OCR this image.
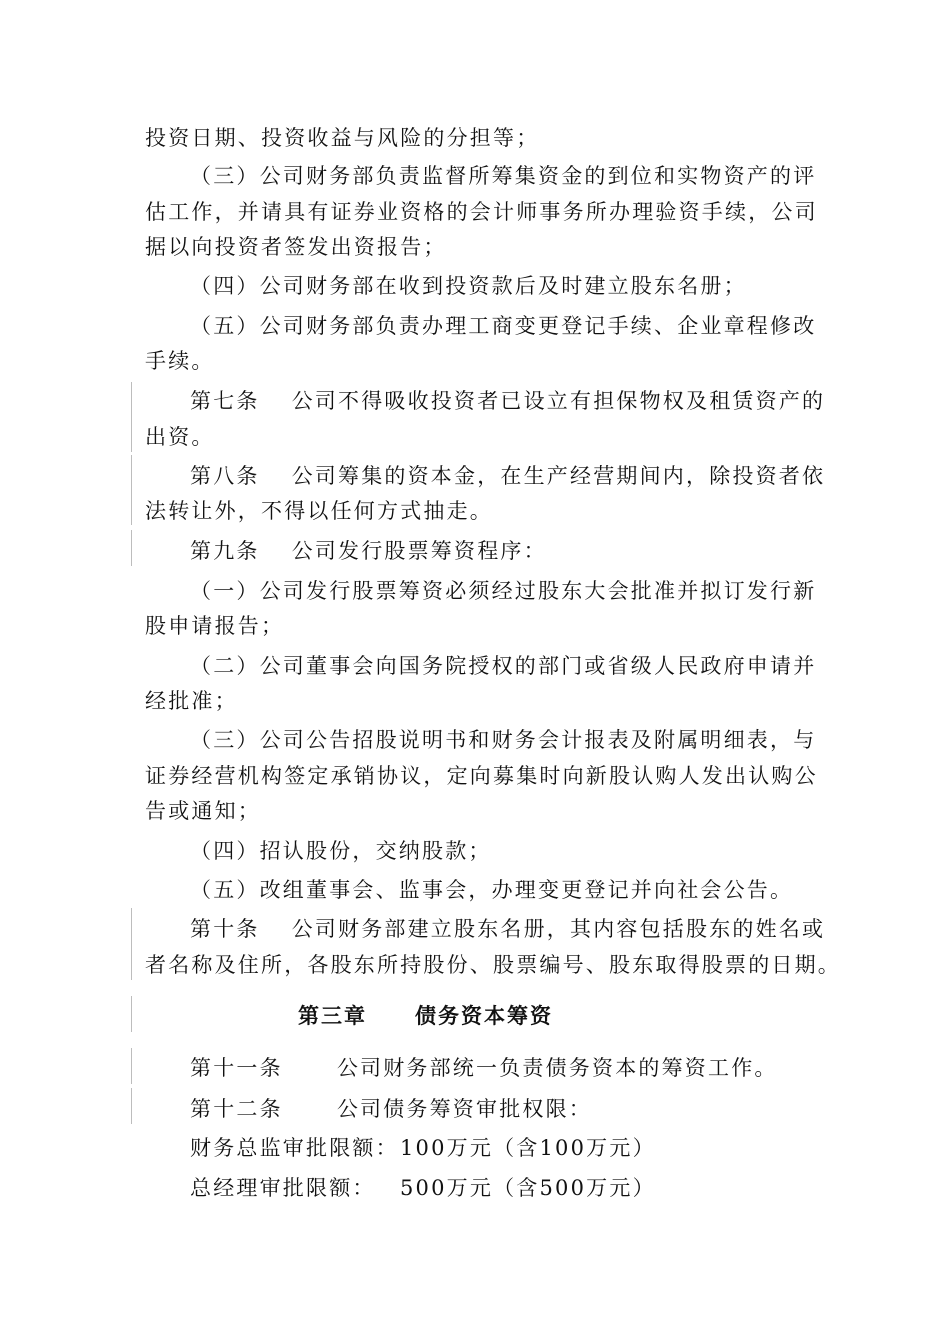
投资日期、投资收益与风险的分担等；
（三）公司财务部负责监督所筹集资金的到位和实物资产的评
估工作，并请具有证券业资格的会计师事务所办理验资手续，公司
据以向投资者签发出资报告；
（四）公司财务部在收到投资款后及时建立股东名册；
（五）公司财务部负责办理工商变更登记手续、企业章程修改
手续。
第七条 公司不得吸收投资者已设立有担保物权及租赁资产的
出资。
第八条 公司筹集的资本金，在生产经营期间内，除投资者依
法转让外，不得以任何方式抽走。
第九条 公司发行股票筹资程序：
（一）公司发行股票筹资必须经过股东大会批准并拟订发行新
股申请报告；
（二）公司董事会向国务院授权的部门或省级人民政府申请并
经批准；
（三）公司公告招股说明书和财务会计报表及附属明细表，与
证券经营机构签定承销协议，定向募集时向新股认购人发出认购公
告或通知；
（四）招认股份，交纳股款；
（五）改组董事会、监事会，办理变更登记并向社会公告。
第十条 公司财务部建立股东名册，其内容包括股东的姓名或
者名称及住所，各股东所持股份、股票编号、股东取得股票的日期。
第三章 债务资本筹资
第十一条	公司财务部统一负责债务资本的筹资工作。
第十二条	公司债务筹资审批权限：
财务总监审批限额：100万元（含100万元）
总经理审批限额： 500万元（含500万元）
